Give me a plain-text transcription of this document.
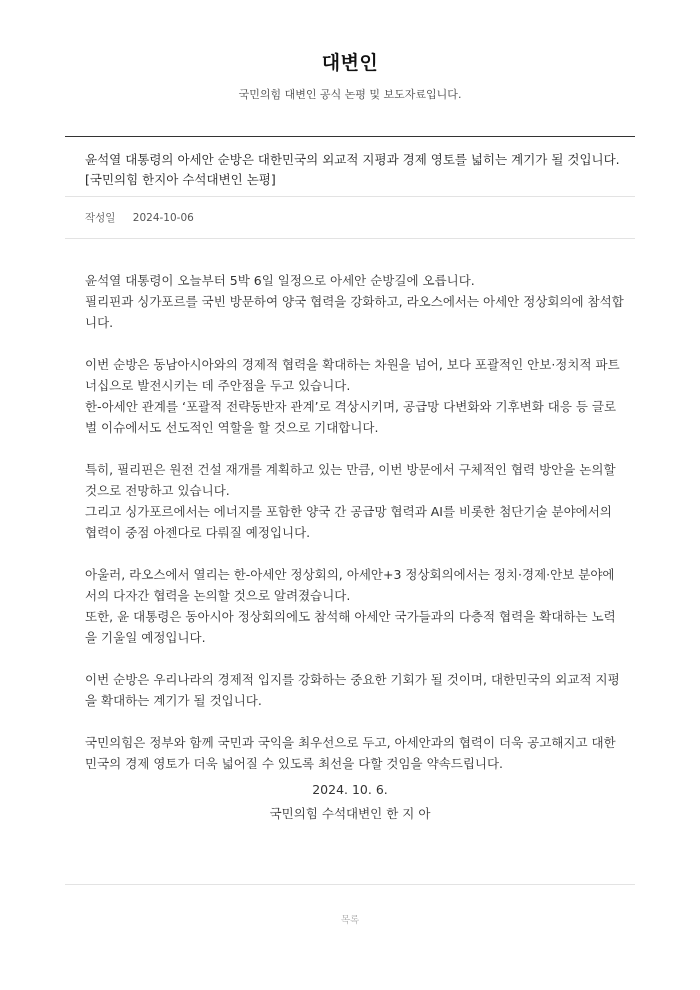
대변인
국민의힘 대변인 공식 논평 및 보도자료입니다.
윤석열 대통령의 아세안 순방은 대한민국의 외교적 지평과 경제 영토를 넓히는 계기가 될 것입니다. [국민의힘 한지아 수석대변인 논평]
작성일 2024-10-06

윤석열 대통령이 오늘부터 5박 6일 일정으로 아세안 순방길에 오릅니다.
필리핀과 싱가포르를 국빈 방문하여 양국 협력을 강화하고, 라오스에서는 아세안 정상회의에 참석합니다.

이번 순방은 동남아시아와의 경제적 협력을 확대하는 차원을 넘어, 보다 포괄적인 안보·정치적 파트너십으로 발전시키는 데 주안점을 두고 있습니다.
한-아세안 관계를 ‘포괄적 전략동반자 관계’로 격상시키며, 공급망 다변화와 기후변화 대응 등 글로벌 이슈에서도 선도적인 역할을 할 것으로 기대합니다.

특히, 필리핀은 원전 건설 재개를 계획하고 있는 만큼, 이번 방문에서 구체적인 협력 방안을 논의할 것으로 전망하고 있습니다.
그리고 싱가포르에서는 에너지를 포함한 양국 간 공급망 협력과 AI를 비롯한 첨단기술 분야에서의 협력이 중점 아젠다로 다뤄질 예정입니다.

아울러, 라오스에서 열리는 한-아세안 정상회의, 아세안+3 정상회의에서는 정치·경제·안보 분야에서의 다자간 협력을 논의할 것으로 알려졌습니다.
또한, 윤 대통령은 동아시아 정상회의에도 참석해 아세안 국가들과의 다층적 협력을 확대하는 노력을 기울일 예정입니다.

이번 순방은 우리나라의 경제적 입지를 강화하는 중요한 기회가 될 것이며, 대한민국의 외교적 지평을 확대하는 계기가 될 것입니다.

국민의힘은 정부와 함께 국민과 국익을 최우선으로 두고, 아세안과의 협력이 더욱 공고해지고 대한민국의 경제 영토가 더욱 넓어질 수 있도록 최선을 다할 것임을 약속드립니다.

2024. 10. 6.
국민의힘 수석대변인 한 지 아
목록
